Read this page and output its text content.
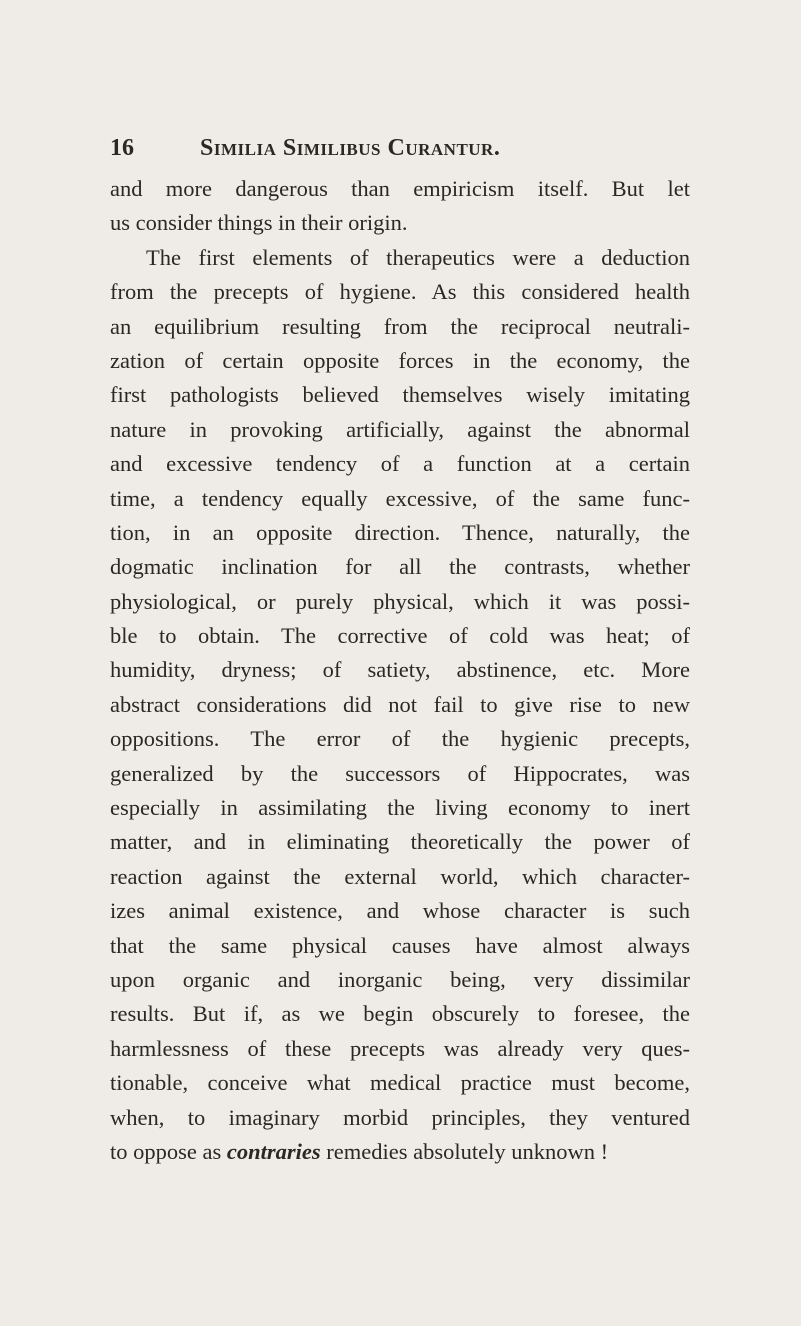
16	Similia Similibus Curantur.
and more dangerous than empiricism itself. But let
us consider things in their origin.
The first elements of therapeutics were a deduction
from the precepts of hygiene. As this considered health
an equilibrium resulting from the reciprocal neutrali-
zation of certain opposite forces in the economy, the
first pathologists believed themselves wisely imitating
nature in provoking artificially, against the abnormal
and excessive tendency of a function at a certain
time, a tendency equally excessive, of the same func-
tion, in an opposite direction. Thence, naturally, the
dogmatic inclination for all the contrasts, whether
physiological, or purely physical, which it was possi-
ble to obtain. The corrective of cold was heat; of
humidity, dryness; of satiety, abstinence, etc. More
abstract considerations did not fail to give rise to new
oppositions. The error of the hygienic precepts,
generalized by the successors of Hippocrates, was
especially in assimilating the living economy to inert
matter, and in eliminating theoretically the power of
reaction against the external world, which character-
izes animal existence, and whose character is such
that the same physical causes have almost always
upon organic and inorganic being, very dissimilar
results. But if, as we begin obscurely to foresee, the
harmlessness of these precepts was already very ques-
tionable, conceive what medical practice must become,
when, to imaginary morbid principles, they ventured
to oppose as contraries remedies absolutely unknown !
